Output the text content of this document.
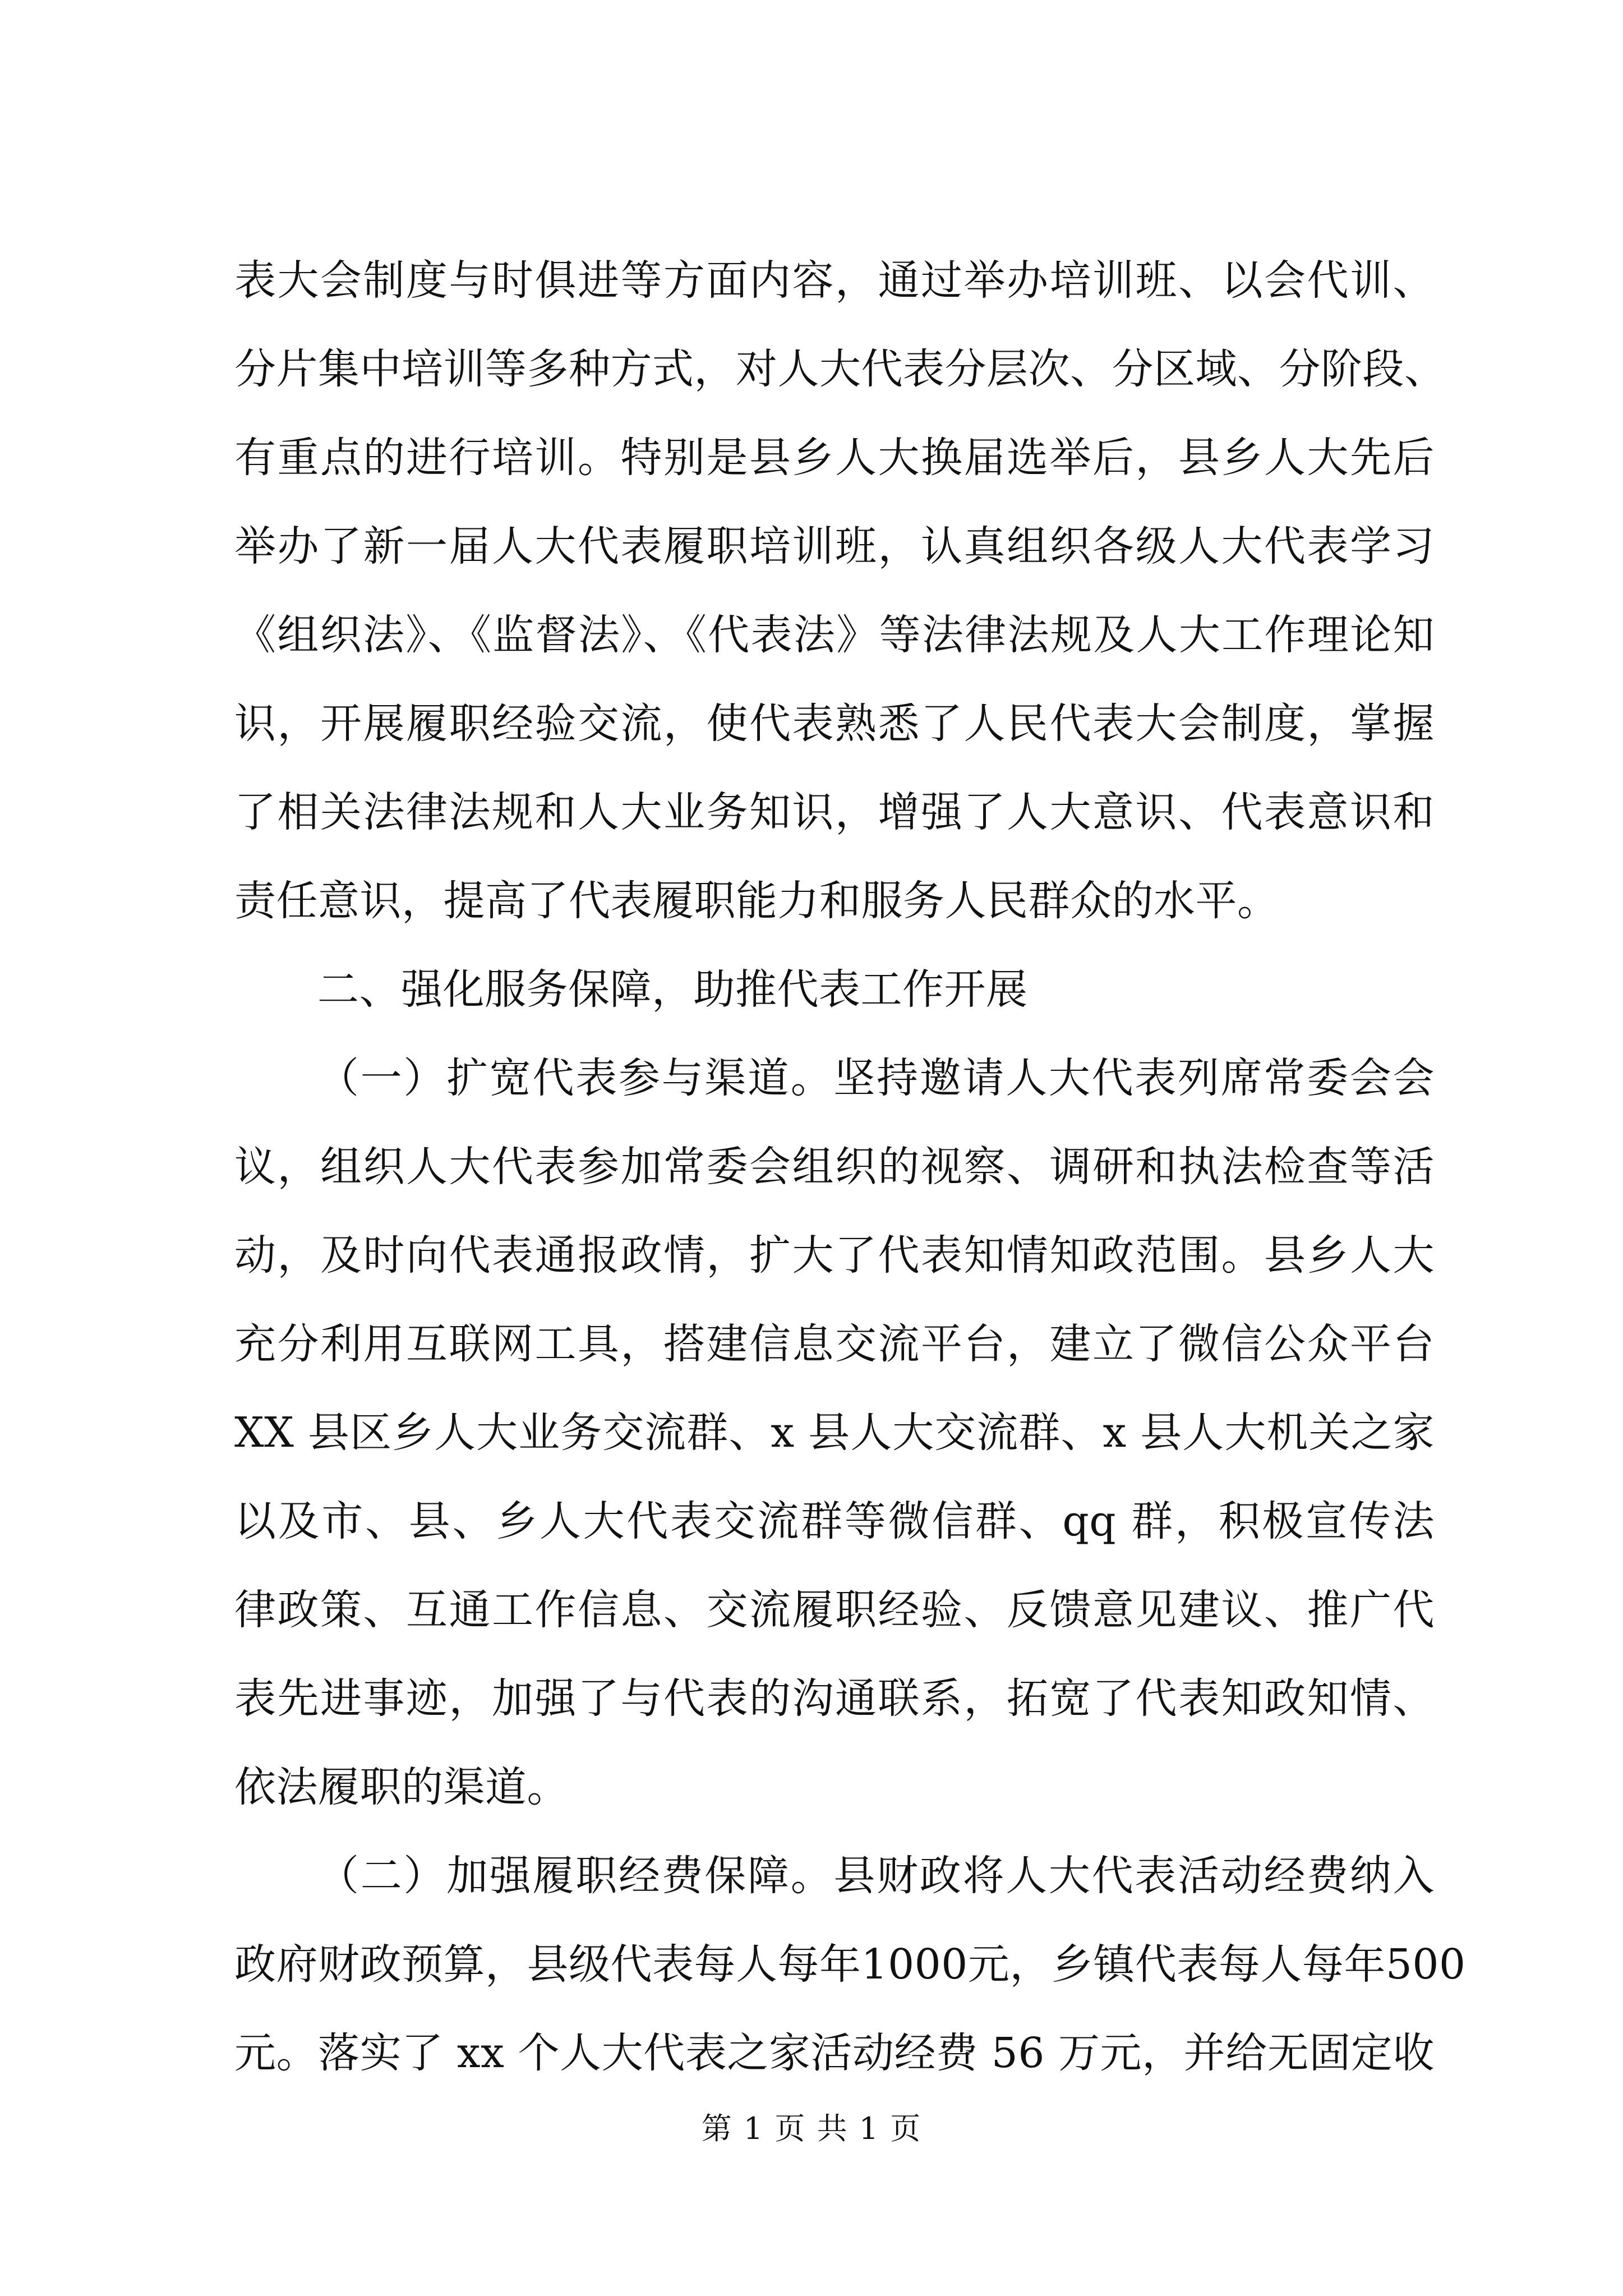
表大会制度与时俱进等方面内容，通过举办培训班、以会代训、
分片集中培训等多种方式，对人大代表分层次、分区域、分阶段、
有重点的进行培训。特别是县乡人大换届选举后，县乡人大先后
举办了新一届人大代表履职培训班，认真组织各级人大代表学习
《组织法》、《监督法》、《代表法》等法律法规及人大工作理论知
识，开展履职经验交流，使代表熟悉了人民代表大会制度，掌握
了相关法律法规和人大业务知识，增强了人大意识、代表意识和
责任意识，提高了代表履职能力和服务人民群众的水平。
二、强化服务保障，助推代表工作开展
（一）扩宽代表参与渠道。坚持邀请人大代表列席常委会会
议，组织人大代表参加常委会组织的视察、调研和执法检查等活
动，及时向代表通报政情，扩大了代表知情知政范围。县乡人大
充分利用互联网工具，搭建信息交流平台，建立了微信公众平台
XX 县区乡人大业务交流群、x 县人大交流群、x 县人大机关之家
以及市、县、乡人大代表交流群等微信群、qq 群，积极宣传法
律政策、互通工作信息、交流履职经验、反馈意见建议、推广代
表先进事迹，加强了与代表的沟通联系，拓宽了代表知政知情、
依法履职的渠道。
（二）加强履职经费保障。县财政将人大代表活动经费纳入
政府财政预算，县级代表每人每年1000元，乡镇代表每人每年500
元。落实了 xx 个人大代表之家活动经费 56 万元，并给无固定收
第 1 页 共 1 页
